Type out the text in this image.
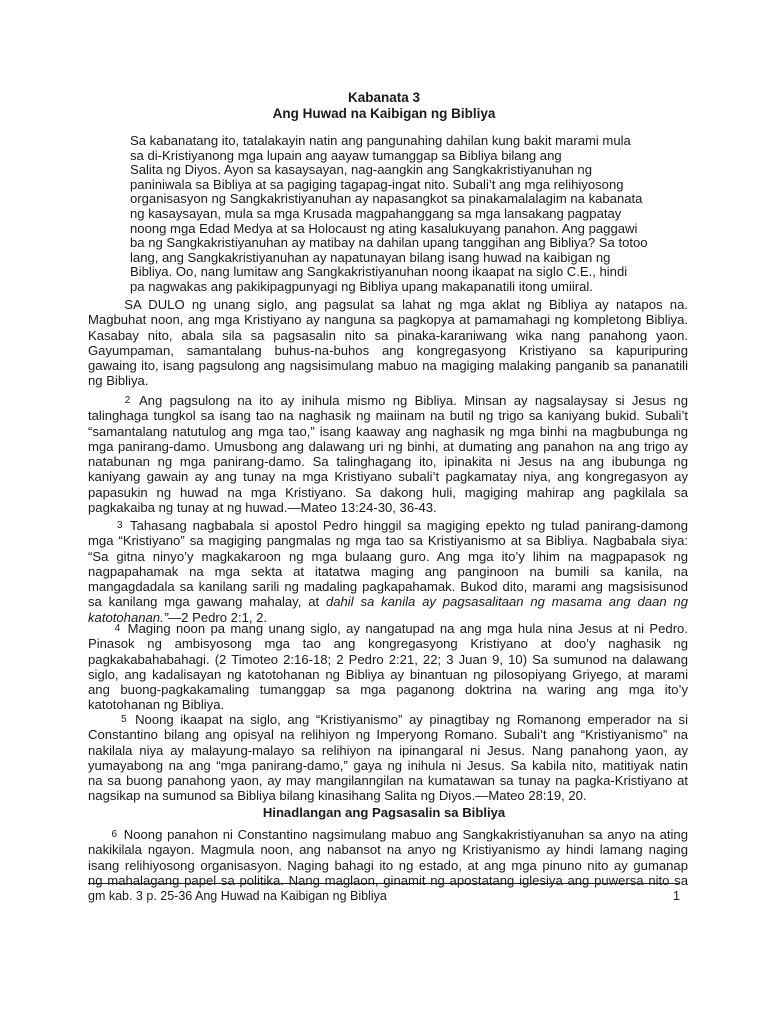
Kabanata 3
Ang Huwad na Kaibigan ng Bibliya
Sa kabanatang ito, tatalakayin natin ang pangunahing dahilan kung bakit marami mula
sa di-Kristiyanong mga lupain ang aayaw tumanggap sa Bibliya bilang ang
Salita ng Diyos. Ayon sa kasaysayan, nag-aangkin ang Sangkakristiyanuhan ng
paniniwala sa Bibliya at sa pagiging tagapag-ingat nito. Subali’t ang mga relihiyosong
organisasyon ng Sangkakristiyanuhan ay napasangkot sa pinakamalalagim na kabanata
ng kasaysayan, mula sa mga Krusada magpahanggang sa mga lansakang pagpatay
noong mga Edad Medya at sa Holocaust ng ating kasalukuyang panahon. Ang paggawi
ba ng Sangkakristiyanuhan ay matibay na dahilan upang tanggihan ang Bibliya? Sa totoo
lang, ang Sangkakristiyanuhan ay napatunayan bilang isang huwad na kaibigan ng
Bibliya. Oo, nang lumitaw ang Sangkakristiyanuhan noong ikaapat na siglo C.E., hindi
pa nagwakas ang pakikipagpunyagi ng Bibliya upang makapanatili itong umiiral.
SA DULO ng unang siglo, ang pagsulat sa lahat ng mga aklat ng Bibliya ay natapos na.
Magbuhat noon, ang mga Kristiyano ay nanguna sa pagkopya at pamamahagi ng kompletong Bibliya.
Kasabay nito, abala sila sa pagsasalin nito sa pinaka-karaniwang wika nang panahong yaon.
Gayumpaman, samantalang buhus-na-buhos ang kongregasyong Kristiyano sa kapuripuring
gawaing ito, isang pagsulong ang nagsisimulang mabuo na magiging malaking panganib sa pananatili
ng Bibliya.
2 Ang pagsulong na ito ay inihula mismo ng Bibliya. Minsan ay nagsalaysay si Jesus ng
talinghaga tungkol sa isang tao na naghasik ng maiinam na butil ng trigo sa kaniyang bukid. Subali’t
“samantalang natutulog ang mga tao,” isang kaaway ang naghasik ng mga binhi na magbubunga ng
mga panirang-damo. Umusbong ang dalawang uri ng binhi, at dumating ang panahon na ang trigo ay
natabunan ng mga panirang-damo. Sa talinghagang ito, ipinakita ni Jesus na ang ibubunga ng
kaniyang gawain ay ang tunay na mga Kristiyano subali’t pagkamatay niya, ang kongregasyon ay
papasukin ng huwad na mga Kristiyano. Sa dakong huli, magiging mahirap ang pagkilala sa
pagkakaiba ng tunay at ng huwad.—Mateo 13:24-30, 36-43.
3 Tahasang nagbabala si apostol Pedro hinggil sa magiging epekto ng tulad panirang-damong
mga “Kristiyano” sa magiging pangmalas ng mga tao sa Kristiyanismo at sa Bibliya. Nagbabala siya:
“Sa gitna ninyo’y magkakaroon ng mga bulaang guro. Ang mga ito’y lihim na magpapasok ng
nagpapahamak na mga sekta at itatatwa maging ang panginoon na bumili sa kanila, na
mangagdadala sa kanilang sarili ng madaling pagkapahamak. Bukod dito, marami ang magsisisunod
sa kanilang mga gawang mahalay, at dahil sa kanila ay pagsasalitaan ng masama ang daan ng
katotohanan.”—2 Pedro 2:1, 2.
4 Maging noon pa mang unang siglo, ay nangatupad na ang mga hula nina Jesus at ni Pedro.
Pinasok ng ambisyosong mga tao ang kongregasyong Kristiyano at doo’y naghasik ng
pagkakabahabahagi. (2 Timoteo 2:16-18; 2 Pedro 2:21, 22; 3 Juan 9, 10) Sa sumunod na dalawang
siglo, ang kadalisayan ng katotohanan ng Bibliya ay binantuan ng pilosopiyang Griyego, at marami
ang buong-pagkakamaling tumanggap sa mga paganong doktrina na waring ang mga ito’y
katotohanan ng Bibliya.
5 Noong ikaapat na siglo, ang “Kristiyanismo” ay pinagtibay ng Romanong emperador na si
Constantino bilang ang opisyal na relihiyon ng Imperyong Romano. Subali’t ang “Kristiyanismo” na
nakilala niya ay malayung-malayo sa relihiyon na ipinangaral ni Jesus. Nang panahong yaon, ay
yumayabong na ang “mga panirang-damo,” gaya ng inihula ni Jesus. Sa kabila nito, matitiyak natin
na sa buong panahong yaon, ay may mangilanngilan na kumatawan sa tunay na pagka-Kristiyano at
nagsikap na sumunod sa Bibliya bilang kinasihang Salita ng Diyos.—Mateo 28:19, 20.
Hinadlangan ang Pagsasalin sa Bibliya
6 Noong panahon ni Constantino nagsimulang mabuo ang Sangkakristiyanuhan sa anyo na ating
nakikilala ngayon. Magmula noon, ang nabansot na anyo ng Kristiyanismo ay hindi lamang naging
isang relihiyosong organisasyon. Naging bahagi ito ng estado, at ang mga pinuno nito ay gumanap
ng mahalagang papel sa politika. Nang maglaon, ginamit ng apostatang iglesiya ang puwersa nito sa
gm kab. 3 p. 25-36 Ang Huwad na Kaibigan ng Bibliya	1
